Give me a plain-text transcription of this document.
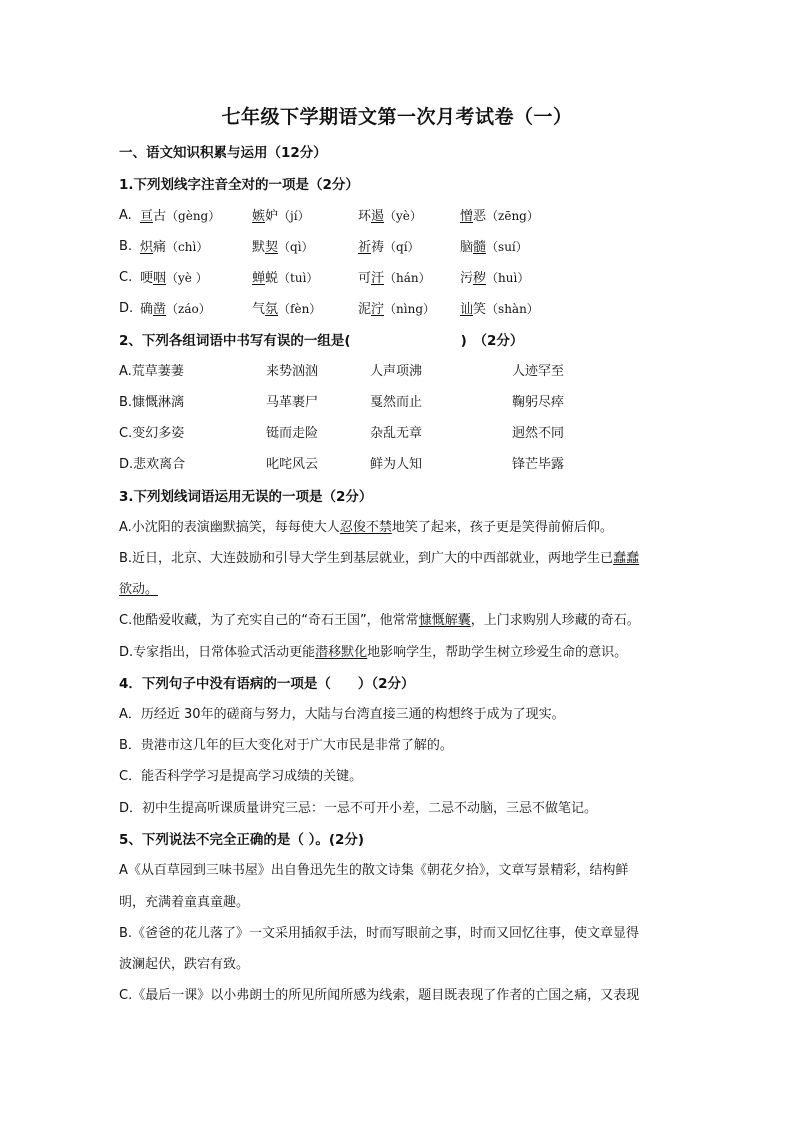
七年级下学期语文第一次月考试卷（一）
一、语文知识积累与运用（12分）
1.下列划线字注音全对的一项是（2分）
A. 亘古（gèng） 嫉妒（jí）	环遏（yè）	憎恶（zēng）
B. 炽痛（chì）	默契（qì）	祈祷（qí）	脑髓（suí）
C. 哽咽（yè ）	蝉蜕（tuì）	可汗（hán） 污秽（huì）
D. 确凿（záo）	气氛（fèn）	泥泞（nìng） 讪笑（shàn）
2、下列各组词语中书写有误的一组是(	)　（2分）
A.荒草萋萋	来势汹汹	人声项沸	人迹罕至
B.慷慨淋漓	马革裹尸	戛然而止	鞠躬尽瘁
C.变幻多姿	铤而走险	杂乱无章	迥然不同
D.悲欢离合	叱咤风云	鲜为人知	锋芒毕露
3.下列划线词语运用无误的一项是（2分）
A.小沈阳的表演幽默搞笑，每每使大人忍俊不禁地笑了起来，孩子更是笑得前俯后仰。
B.近日，北京、大连鼓励和引导大学生到基层就业，到广大的中西部就业，两地学生已蠢蠢
欲动。
C.他酷爱收藏，为了充实自己的“奇石王国”，他常常慷慨解囊，上门求购别人珍藏的奇石。
D.专家指出，日常体验式活动更能潜移默化地影响学生，帮助学生树立珍爱生命的意识。
4．下列句子中没有语病的一项是（　　）（2分）
A．历经近 30年的磋商与努力，大陆与台湾直接三通的构想终于成为了现实。
B．贵港市这几年的巨大变化对于广大市民是非常了解的。
C．能否科学学习是提高学习成绩的关键。
D．初中生提高听课质量讲究三忌：一忌不可开小差，二忌不动脑，三忌不做笔记。
5、下列说法不完全正确的是（ ）。(2分)
A《从百草园到三味书屋》出自鲁迅先生的散文诗集《朝花夕拾》，文章写景精彩，结构鲜
明，充满着童真童趣。
B.《爸爸的花儿落了》一文采用插叙手法，时而写眼前之事，时而又回忆往事，使文章显得
波澜起伏，跌宕有致。
C.《最后一课》以小弗朗士的所见所闻所感为线索，题目既表现了作者的亡国之痛，又表现
